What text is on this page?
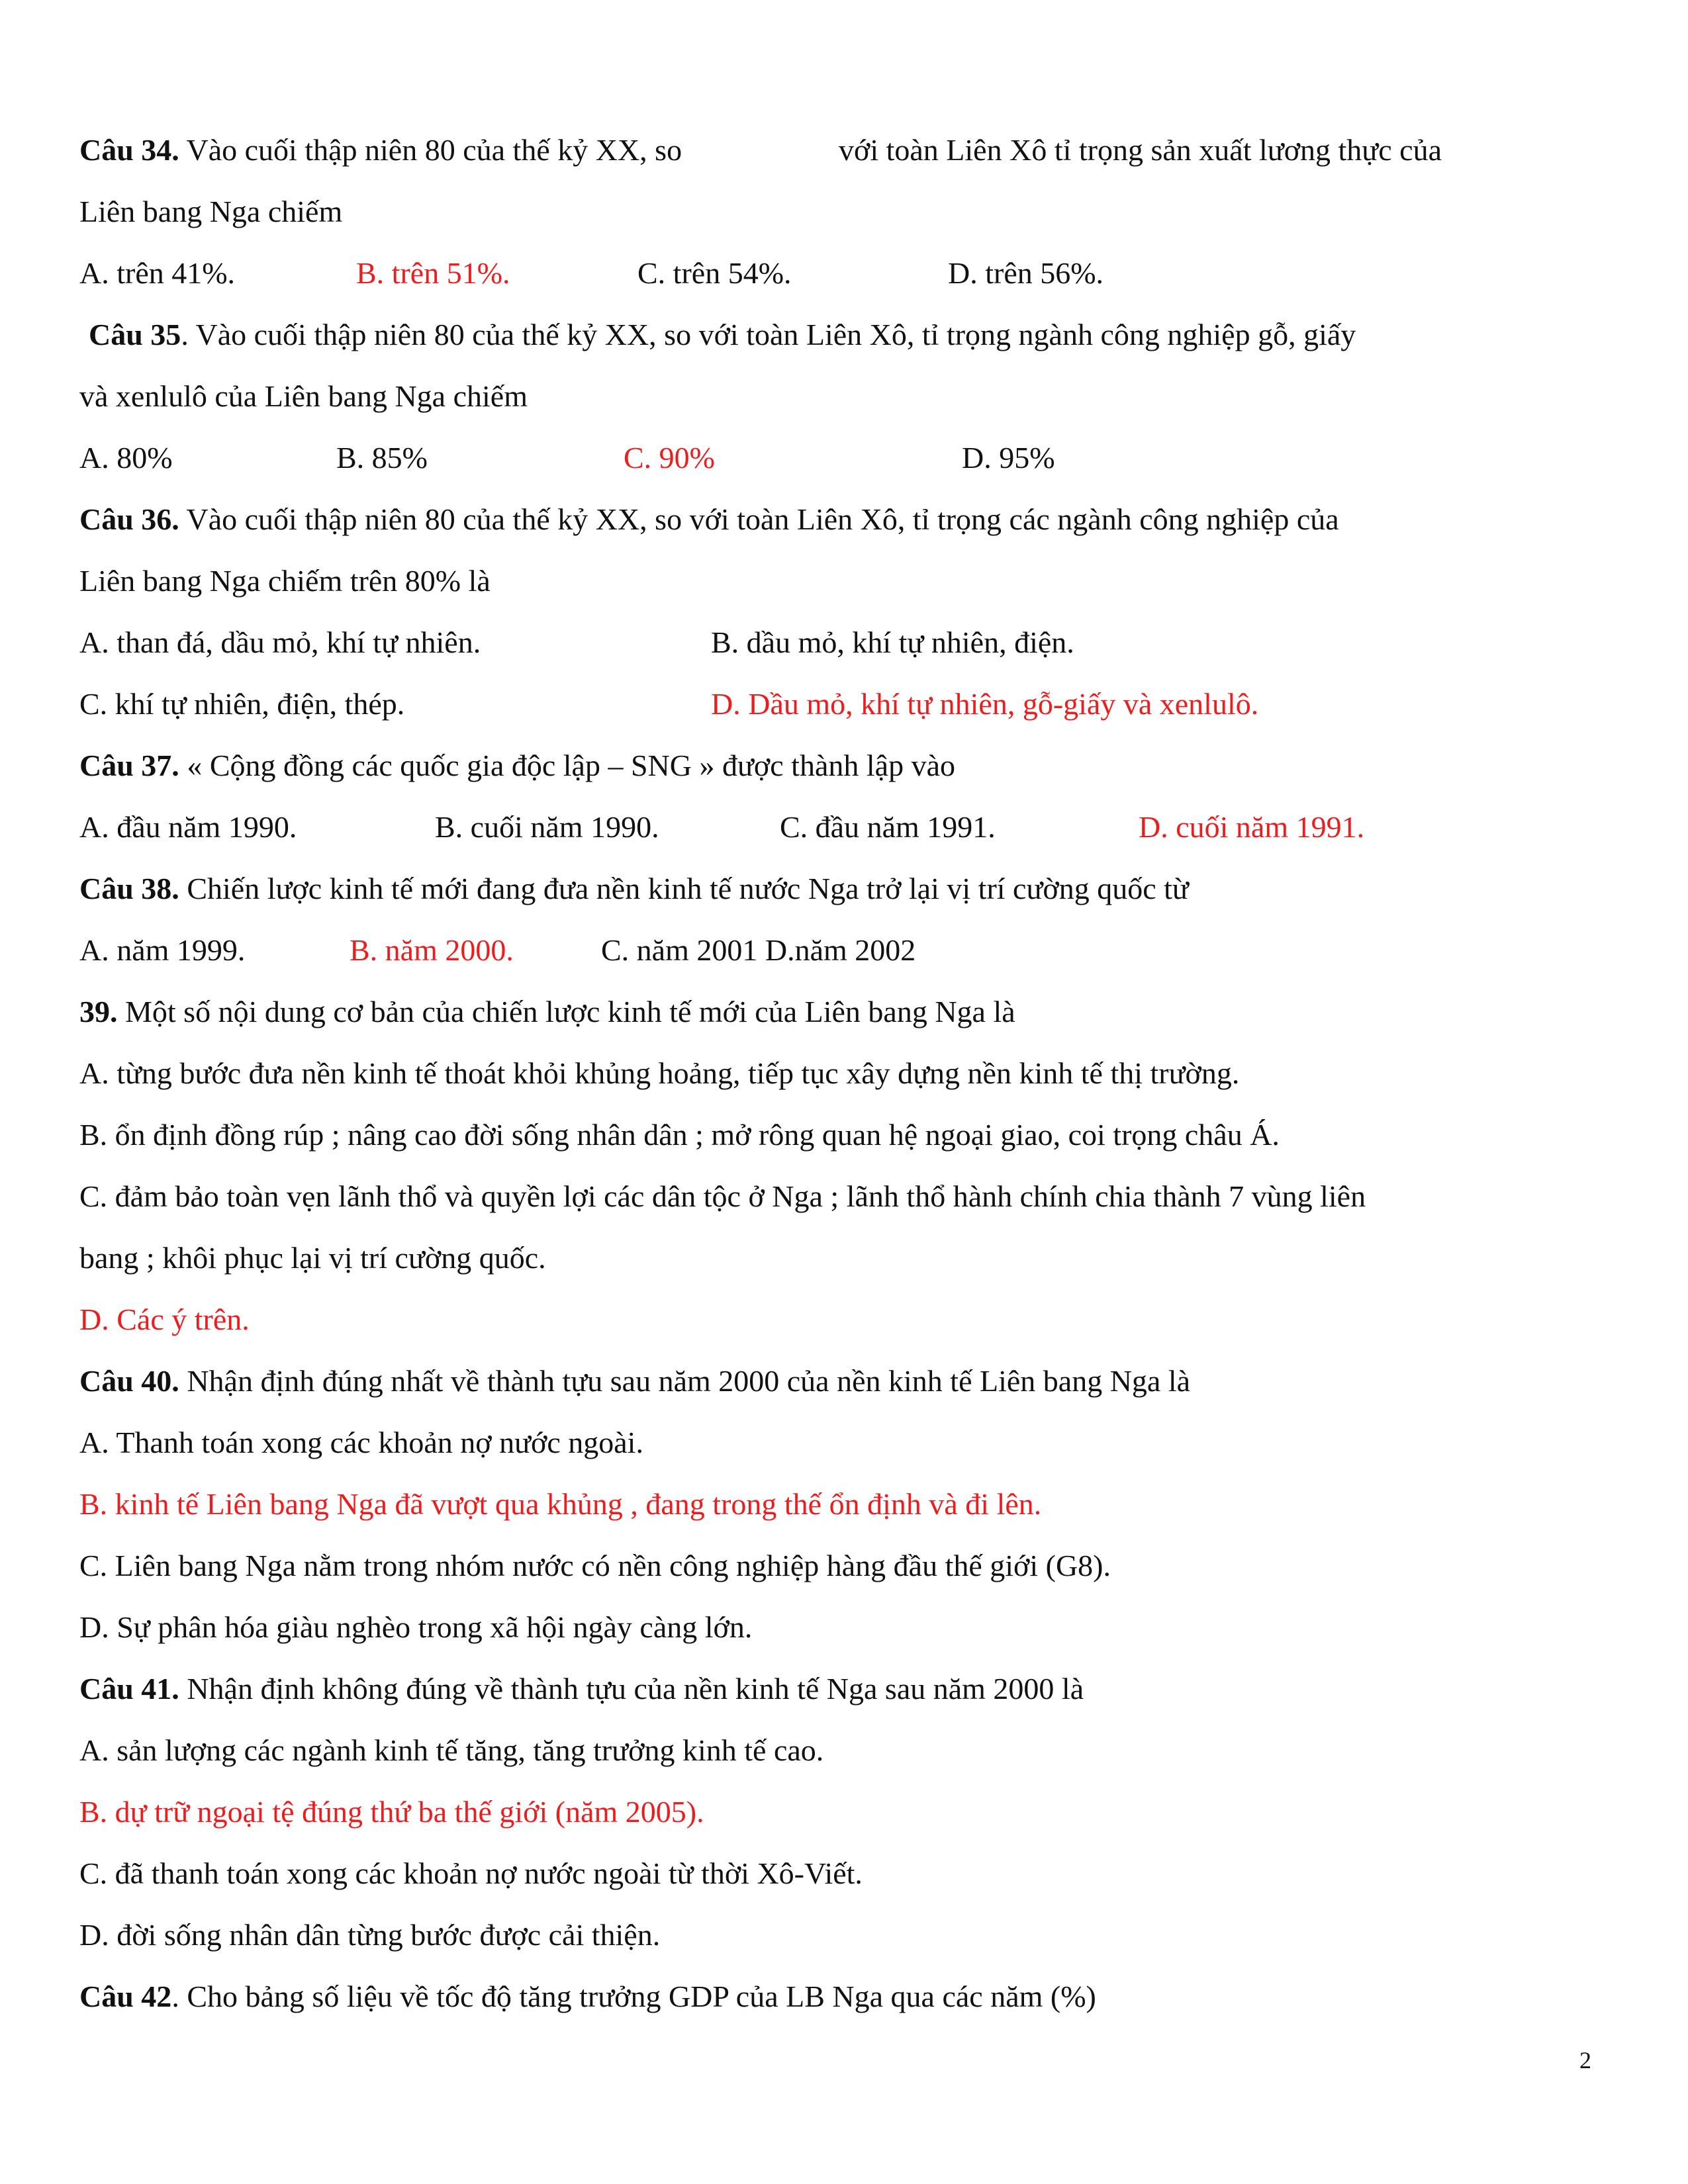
Câu 34. Vào cuối thập niên 80 của thế kỷ XX, so	với toàn Liên Xô tỉ trọng sản xuất lương thực của
Liên bang Nga chiếm
A. trên 41%.	B. trên 51%.	C. trên 54%.	D. trên 56%.
Câu 35. Vào cuối thập niên 80 của thế kỷ XX, so với toàn Liên Xô, tỉ trọng ngành công nghiệp gỗ, giấy
và xenlulô của Liên bang Nga chiếm
A. 80%	B. 85%	C. 90%	D. 95%
Câu 36. Vào cuối thập niên 80 của thế kỷ XX, so với toàn Liên Xô, tỉ trọng các ngành công nghiệp của
Liên bang Nga chiếm trên 80% là
A. than đá, dầu mỏ, khí tự nhiên.	B. dầu mỏ, khí tự nhiên, điện.
C. khí tự nhiên, điện, thép.	D. Dầu mỏ, khí tự nhiên, gỗ-giấy và xenlulô.
Câu 37. « Cộng đồng các quốc gia độc lập – SNG » được thành lập vào
A. đầu năm 1990.	B. cuối năm 1990.	C. đầu năm 1991.	D. cuối năm 1991.
Câu 38. Chiến lược kinh tế mới đang đưa nền kinh tế nước Nga trở lại vị trí cường quốc từ
A. năm 1999.	B. năm 2000.	C. năm 2001 D.năm 2002
39. Một số nội dung cơ bản của chiến lược kinh tế mới của Liên bang Nga là
A. từng bước đưa nền kinh tế thoát khỏi khủng hoảng, tiếp tục xây dựng nền kinh tế thị trường.
B. ổn định đồng rúp ; nâng cao đời sống nhân dân ; mở rông quan hệ ngoại giao, coi trọng châu Á.
C. đảm bảo toàn vẹn lãnh thổ và quyền lợi các dân tộc ở Nga ; lãnh thổ hành chính chia thành 7 vùng liên
bang ; khôi phục lại vị trí cường quốc.
D. Các ý trên.
Câu 40. Nhận định đúng nhất về thành tựu sau năm 2000 của nền kinh tế Liên bang Nga là
A. Thanh toán xong các khoản nợ nước ngoài.
B. kinh tế Liên bang Nga đã vượt qua khủng , đang trong thế ổn định và đi lên.
C. Liên bang Nga nằm trong nhóm nước có nền công nghiệp hàng đầu thế giới (G8).
D. Sự phân hóa giàu nghèo trong xã hội ngày càng lớn.
Câu 41. Nhận định không đúng về thành tựu của nền kinh tế Nga sau năm 2000 là
A. sản lượng các ngành kinh tế tăng, tăng trưởng kinh tế cao.
B. dự trữ ngoại tệ đúng thứ ba thế giới (năm 2005).
C. đã thanh toán xong các khoản nợ nước ngoài từ thời Xô-Viết.
D. đời sống nhân dân từng bước được cải thiện.
Câu 42. Cho bảng số liệu về tốc độ tăng trưởng GDP của LB Nga qua các năm (%)
2
